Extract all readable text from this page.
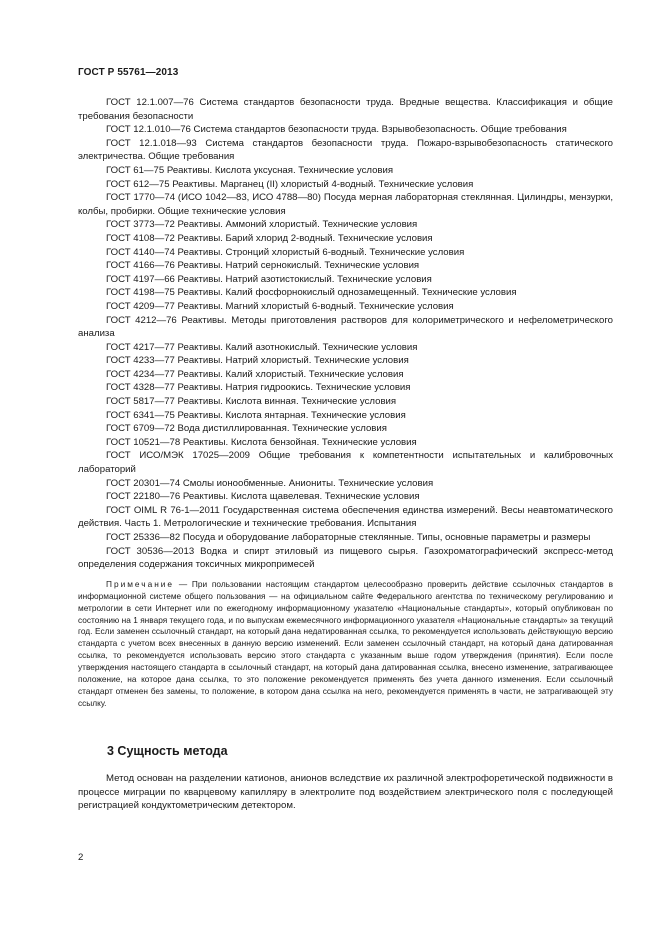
ГОСТ Р 55761—2013

ГОСТ 12.1.007—76 Система стандартов безопасности труда. Вредные вещества. Классификация и общие требования безопасности

ГОСТ 12.1.010—76 Система стандартов безопасности труда. Взрывобезопасность. Общие требования

ГОСТ 12.1.018—93 Система стандартов безопасности труда. Пожаро-взрывобезопасность статического электричества. Общие требования

ГОСТ 61—75 Реактивы. Кислота уксусная. Технические условия

ГОСТ 612—75 Реактивы. Марганец (II) хлористый 4-водный. Технические условия

ГОСТ 1770—74 (ИСО 1042—83, ИСО 4788—80) Посуда мерная лабораторная стеклянная. Цилиндры, мензурки, колбы, пробирки. Общие технические условия

ГОСТ 3773—72 Реактивы. Аммоний хлористый. Технические условия

ГОСТ 4108—72 Реактивы. Барий хлорид 2-водный. Технические условия

ГОСТ 4140—74 Реактивы. Стронций хлористый 6-водный. Технические условия

ГОСТ 4166—76 Реактивы. Натрий сернокислый. Технические условия

ГОСТ 4197—66 Реактивы. Натрий азотистокислый. Технические условия

ГОСТ 4198—75 Реактивы. Калий фосфорнокислый однозамещенный. Технические условия

ГОСТ 4209—77 Реактивы. Магний хлористый 6-водный. Технические условия

ГОСТ 4212—76 Реактивы. Методы приготовления растворов для колориметрического и нефелометрического анализа

ГОСТ 4217—77 Реактивы. Калий азотнокислый. Технические условия

ГОСТ 4233—77 Реактивы. Натрий хлористый. Технические условия

ГОСТ 4234—77 Реактивы. Калий хлористый. Технические условия

ГОСТ 4328—77 Реактивы. Натрия гидроокись. Технические условия

ГОСТ 5817—77 Реактивы. Кислота винная. Технические условия

ГОСТ 6341—75 Реактивы. Кислота янтарная. Технические условия

ГОСТ 6709—72 Вода дистиллированная. Технические условия

ГОСТ 10521—78 Реактивы. Кислота бензойная. Технические условия

ГОСТ ИСО/МЭК 17025—2009 Общие требования к компетентности испытательных и калибровочных лабораторий

ГОСТ 20301—74 Смолы ионообменные. Аниониты. Технические условия

ГОСТ 22180—76 Реактивы. Кислота щавелевая. Технические условия

ГОСТ OIML R 76-1—2011 Государственная система обеспечения единства измерений. Весы неавтоматического действия. Часть 1. Метрологические и технические требования. Испытания

ГОСТ 25336—82 Посуда и оборудование лабораторные стеклянные. Типы, основные параметры и размеры

ГОСТ 30536—2013 Водка и спирт этиловый из пищевого сырья. Газохроматографический экспресс-метод определения содержания токсичных микропримесей

Примечание — При пользовании настоящим стандартом целесообразно проверить действие ссылочных стандартов в информационной системе общего пользования — на официальном сайте Федерального агентства по техническому регулированию и метрологии в сети Интернет или по ежегодному информационному указателю «Национальные стандарты», который опубликован по состоянию на 1 января текущего года, и по выпускам ежемесячного информационного указателя «Национальные стандарты» за текущий год. Если заменен ссылочный стандарт, на который дана недатированная ссылка, то рекомендуется использовать действующую версию стандарта с учетом всех внесенных в данную версию изменений. Если заменен ссылочный стандарт, на который дана датированная ссылка, то рекомендуется использовать версию этого стандарта с указанным выше годом утверждения (принятия). Если после утверждения настоящего стандарта в ссылочный стандарт, на который дана датированная ссылка, внесено изменение, затрагивающее положение, на которое дана ссылка, то это положение рекомендуется применять без учета данного изменения. Если ссылочный стандарт отменен без замены, то положение, в котором дана ссылка на него, рекомендуется применять в части, не затрагивающей эту ссылку.

3 Сущность метода

Метод основан на разделении катионов, анионов вследствие их различной электрофоретической подвижности в процессе миграции по кварцевому капилляру в электролите под воздействием электрического поля с последующей регистрацией кондуктометрическим детектором.

2
